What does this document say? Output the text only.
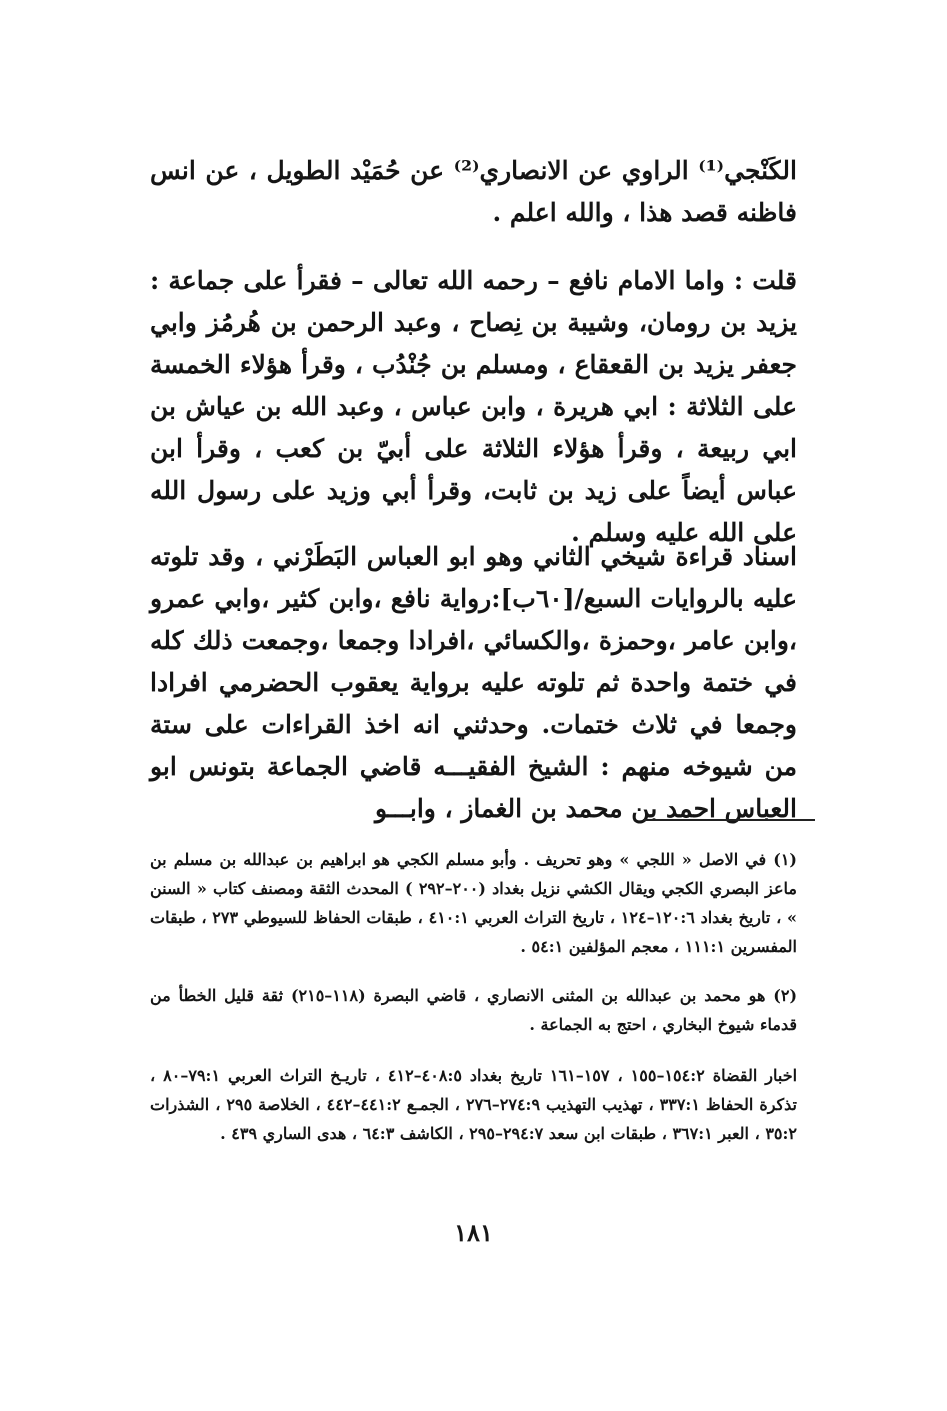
الكَنْجي⁽¹⁾ الراوي عن الانصاري⁽²⁾ عن حُمَيْد الطويل ، عن انس فاظنه قصد هذا ، والله اعلم .

قلت : واما الامام نافع – رحمه الله تعالى – فقرأ على جماعة : يزيد بن رومان، وشيبة بن نِصاح ، وعبد الرحمن بن هُرمُز وابي جعفر يزيد بن القعقاع ، ومسلم بن جُنْدُب ، وقرأ هؤلاء الخمسة على الثلاثة : ابي هريرة ، وابن عباس ، وعبد الله بن عياش بن ابي ربيعة ، وقرأ هؤلاء الثلاثة على أبيّ بن كعب ، وقرأ ابن عباس أيضاً على زيد بن ثابت، وقرأ أبي وزيد على رسول الله على الله عليه وسلم .

اسناد قراءة شيخي الثاني وهو ابو العباس البَطَرْني ، وقد تلوته عليه بالروايات السبع/[٦٠ب]:رواية نافع ،وابن كثير ،وابي عمرو ،وابن عامر ،وحمزة ،والكسائي ،افرادا وجمعا ،وجمعت ذلك كله في ختمة واحدة ثم تلوته عليه برواية يعقوب الحضرمي افرادا وجمعا في ثلاث ختمات. وحدثني انه اخذ القراءات على ستة من شيوخه منهم : الشيخ الفقيـــه قاضي الجماعة بتونس ابو العباس احمد بن محمد بن الغماز ، وابـــو

(١) في الاصل « اللجي » وهو تحريف . وأبو مسلم الكجي هو ابراهيم بن عبدالله بن مسلم بن ماعز البصري الكجي ويقال الكشي نزيل بغداد (٢٠٠–٢٩٢ ) المحدث الثقة ومصنف كتاب « السنن » ، تاريخ بغداد ١٢٠:٦–١٢٤ ، تاريخ التراث العربي ٤١٠:١ ، طبقات الحفاظ للسيوطي ٢٧٣ ، طبقات المفسرين ١١١:١ ، معجم المؤلفين ٥٤:١ .

(٢) هو محمد بن عبدالله بن المثنى الانصاري ، قاضي البصرة (١١٨–٢١٥) ثقة قليل الخطأ من قدماء شيوخ البخاري ، احتج به الجماعة .

اخبار القضاة ١٥٤:٢–١٥٥ ، ١٥٧–١٦١ تاريخ بغداد ٤٠٨:٥–٤١٢ ، تاريـخ التراث العربي ٧٩:١–٨٠ ، تذكرة الحفاظ ٣٣٧:١ ، تهذيب التهذيب ٢٧٤:٩–٢٧٦ ، الجمـع ٤٤١:٢–٤٤٢ ، الخلاصة ٢٩٥ ، الشذرات ٣٥:٢ ، العبر ٣٦٧:١ ، طبقات ابن سعد ٢٩٤:٧–٢٩٥ ، الكاشف ٦٤:٣ ، هدى الساري ٤٣٩ .

١٨١
